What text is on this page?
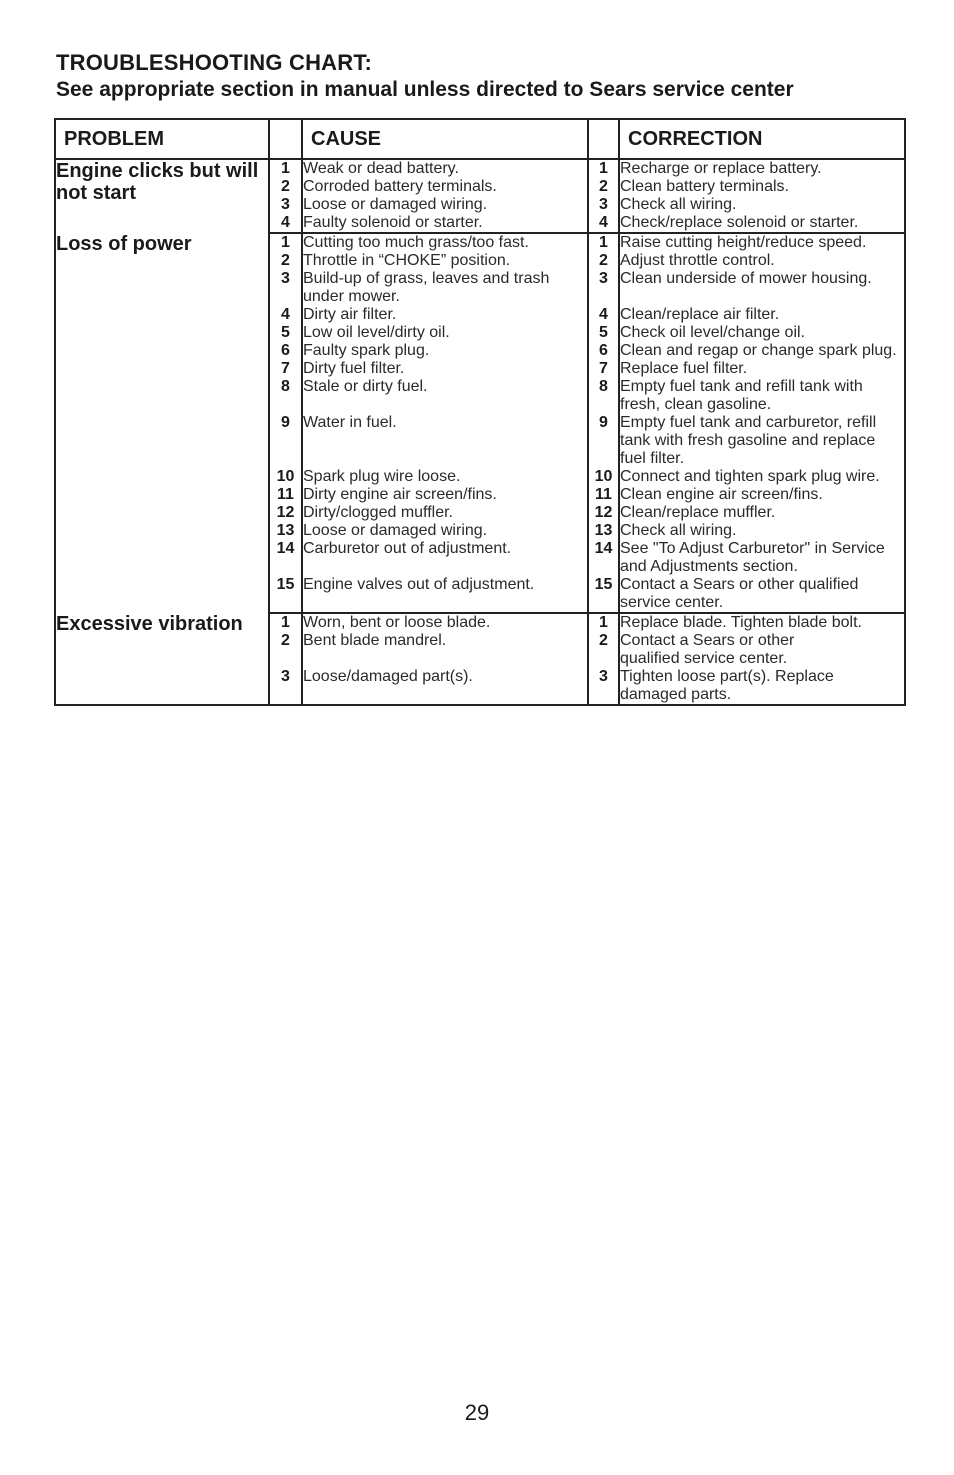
TROUBLESHOOTING CHART:
See appropriate section in manual unless directed to Sears service center
PROBLEM		CAUSE		CORRECTION
Engine clicks but will not start	1	Weak or dead battery.	1	Recharge or replace battery.
	2	Corroded battery terminals.	2	Clean battery terminals.
	3	Loose or damaged wiring.	3	Check all wiring.
	4	Faulty solenoid or starter.	4	Check/replace solenoid or starter.
Loss of power	1	Cutting too much grass/too fast.	1	Raise cutting height/reduce speed.
	2	Throttle in “CHOKE” position.	2	Adjust throttle control.
	3	Build-up of grass, leaves and trash under mower.	3	Clean underside of mower housing.
	4	Dirty air filter.	4	Clean/replace air filter.
	5	Low oil level/dirty oil.	5	Check oil level/change oil.
	6	Faulty spark plug.	6	Clean and regap or change spark plug.
	7	Dirty fuel filter.	7	Replace fuel filter.
	8	Stale or dirty fuel.	8	Empty fuel tank and refill tank with fresh, clean gasoline.
	9	Water in fuel.	9	Empty fuel tank and carburetor, refill tank with fresh gasoline and replace fuel filter.
	10	Spark plug wire loose.	10	Connect and tighten spark plug wire.
	11	Dirty engine air screen/fins.	11	Clean engine air screen/fins.
	12	Dirty/clogged muffler.	12	Clean/replace muffler.
	13	Loose or damaged wiring.	13	Check all wiring.
	14	Carburetor out of adjustment.	14	See "To Adjust Carburetor" in Service and Adjustments section.
	15	Engine valves out of adjustment.	15	Contact a Sears or other qualified service center.
Excessive vibration	1	Worn, bent or loose blade.	1	Replace blade. Tighten blade bolt.
	2	Bent blade mandrel.	2	Contact a Sears or other
				qualified service center.
	3	Loose/damaged part(s).	3	Tighten loose part(s). Replace damaged parts.
29
